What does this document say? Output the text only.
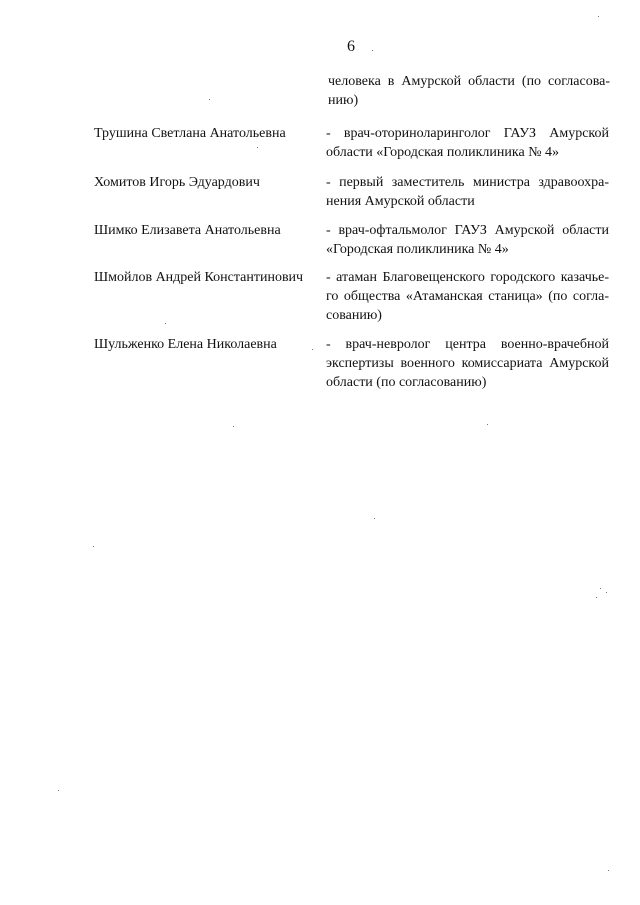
6

человека в Амурской области (по согласова-нию)

Трушина Светлана Анатольевна	- врач-оториноларинголог ГАУЗ Амурской области «Городская поликлиника № 4»

Хомитов Игорь Эдуардович	- первый заместитель министра здравоохра-нения Амурской области

Шимко Елизавета Анатольевна	- врач-офтальмолог ГАУЗ Амурской области «Городская поликлиника № 4»

Шмойлов Андрей Константинович	- атаман Благовещенского городского казачье-го общества «Атаманская станица» (по согла-сованию)

Шульженко Елена Николаевна	- врач-невролог центра военно-врачебной экспертизы военного комиссариата Амурской области (по согласованию)
